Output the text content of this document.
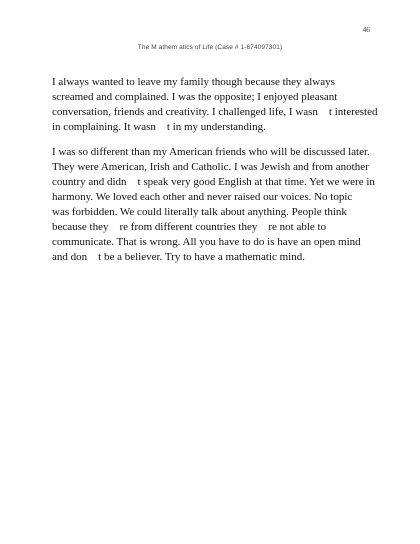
46
The M athem atics of Life (Case # 1-674097301)

I always wanted to leave my family though because they always
screamed and complained. I was the opposite; I enjoyed pleasant
conversation, friends and creativity. I challenged life, I wasn t interested
in complaining. It wasn t in my understanding.

I was so different than my American friends who will be discussed later.
They were American, Irish and Catholic. I was Jewish and from another
country and didn t speak very good English at that time. Yet we were in
harmony. We loved each other and never raised our voices. No topic
was forbidden. We could literally talk about anything. People think
because they re from different countries they re not able to
communicate. That is wrong. All you have to do is have an open mind
and don t be a believer. Try to have a mathematic mind.
